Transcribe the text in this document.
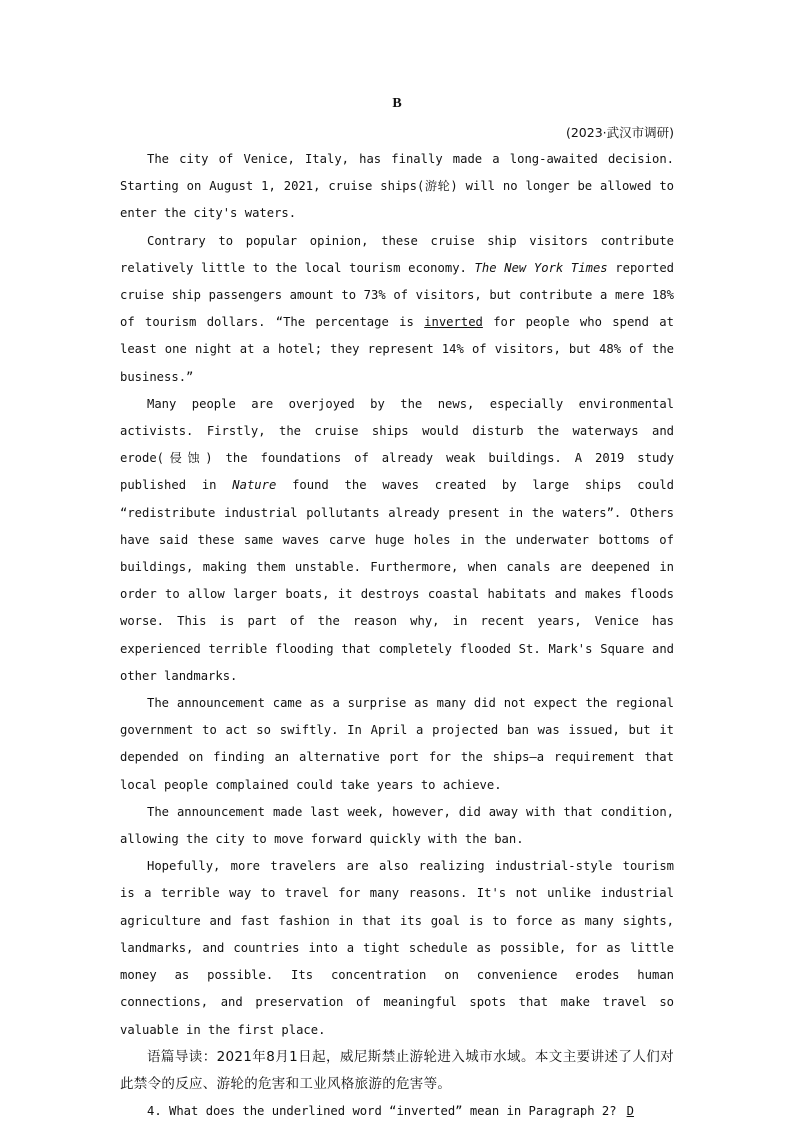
B
(2023·武汉市调研)

The city of Venice, Italy, has finally made a long-awaited decision. Starting on August 1, 2021, cruise ships(游轮) will no longer be allowed to enter the city's waters.

Contrary to popular opinion, these cruise ship visitors contribute relatively little to the local tourism economy. The New York Times reported cruise ship passengers amount to 73% of visitors, but contribute a mere 18% of tourism dollars. “The percentage is inverted for people who spend at least one night at a hotel; they represent 14% of visitors, but 48% of the business.”

Many people are overjoyed by the news, especially environmental activists. Firstly, the cruise ships would disturb the waterways and erode(侵蚀) the foundations of already weak buildings. A 2019 study published in Nature found the waves created by large ships could “redistribute industrial pollutants already present in the waters”. Others have said these same waves carve huge holes in the underwater bottoms of buildings, making them unstable. Furthermore, when canals are deepened in order to allow larger boats, it destroys coastal habitats and makes floods worse. This is part of the reason why, in recent years, Venice has experienced terrible flooding that completely flooded St. Mark's Square and other landmarks.

The announcement came as a surprise as many did not expect the regional government to act so swiftly. In April a projected ban was issued, but it depended on finding an alternative port for the ships—a requirement that local people complained could take years to achieve.

The announcement made last week, however, did away with that condition, allowing the city to move forward quickly with the ban.

Hopefully, more travelers are also realizing industrial-style tourism is a terrible way to travel for many reasons. It's not unlike industrial agriculture and fast fashion in that its goal is to force as many sights, landmarks, and countries into a tight schedule as possible, for as little money as possible. Its concentration on convenience erodes human connections, and preservation of meaningful spots that make travel so valuable in the first place.

语篇导读：2021年8月1日起，威尼斯禁止游轮进入城市水域。本文主要讲述了人们对此禁令的反应、游轮的危害和工业风格旅游的危害等。

4. What does the underlined word “inverted” mean in Paragraph 2? D
